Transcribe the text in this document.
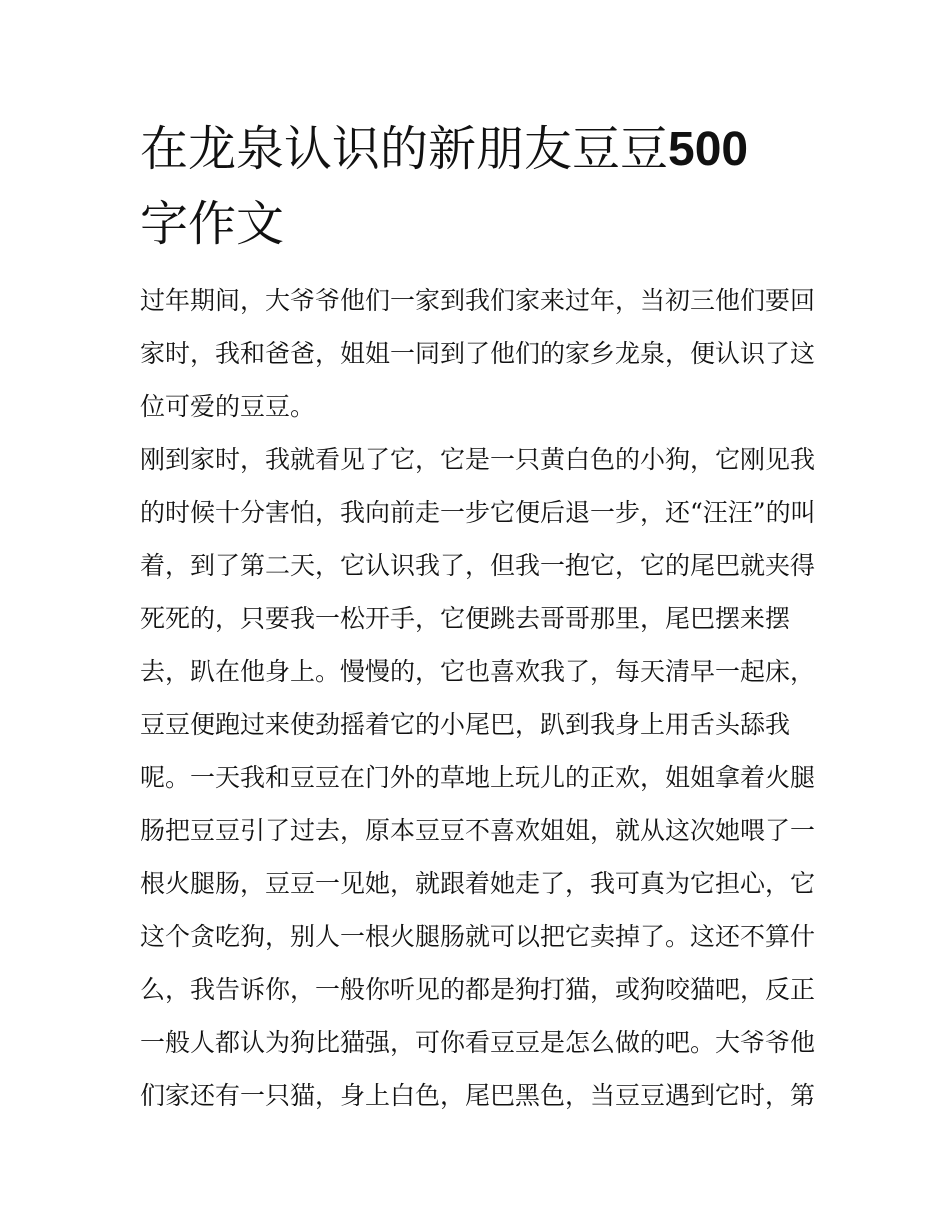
在龙泉认识的新朋友豆豆500
字作文
过年期间，大爷爷他们一家到我们家来过年，当初三他们要回
家时，我和爸爸，姐姐一同到了他们的家乡龙泉，便认识了这
位可爱的豆豆。
刚到家时，我就看见了它，它是一只黄白色的小狗，它刚见我
的时候十分害怕，我向前走一步它便后退一步，还“汪汪”的叫
着，到了第二天，它认识我了，但我一抱它，它的尾巴就夹得
死死的，只要我一松开手，它便跳去哥哥那里，尾巴摆来摆
去，趴在他身上。慢慢的，它也喜欢我了，每天清早一起床，
豆豆便跑过来使劲摇着它的小尾巴，趴到我身上用舌头舔我
呢。一天我和豆豆在门外的草地上玩儿的正欢，姐姐拿着火腿
肠把豆豆引了过去，原本豆豆不喜欢姐姐，就从这次她喂了一
根火腿肠，豆豆一见她，就跟着她走了，我可真为它担心，它
这个贪吃狗，别人一根火腿肠就可以把它卖掉了。这还不算什
么，我告诉你，一般你听见的都是狗打猫，或狗咬猫吧，反正
一般人都认为狗比猫强，可你看豆豆是怎么做的吧。大爷爷他
们家还有一只猫，身上白色，尾巴黑色，当豆豆遇到它时，第
